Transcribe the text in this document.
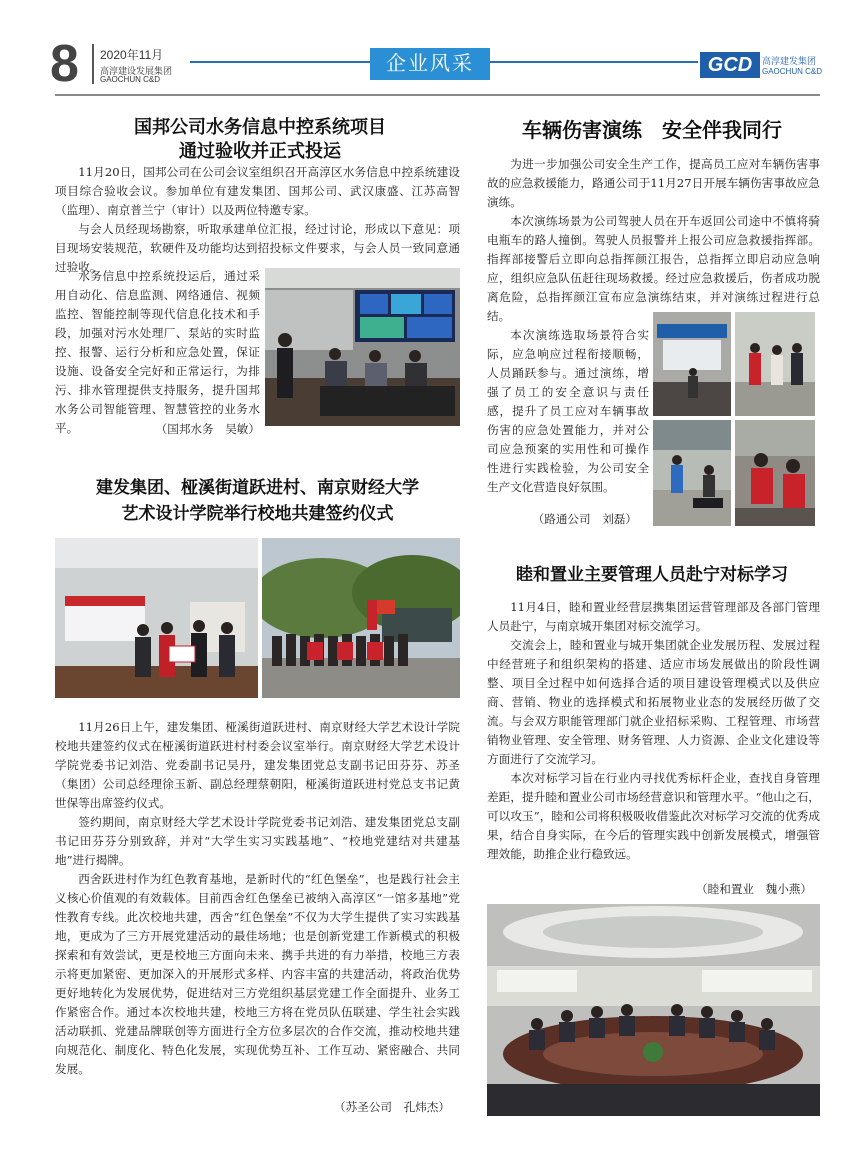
8	2020年11月
高淳建设发展集团
GAOCHUN C&D
企业风采	GCD	高淳建发集团
GAOCHUN C&D
国邦公司水务信息中控系统项目
通过验收并正式投运

11月20日，国邦公司在公司会议室组织召开高淳区水务信息中控系统建设项目综合验收会议。参加单位有建发集团、国邦公司、武汉康盛、江苏高智（监理）、南京普兰宁（审计）以及两位特邀专家。

与会人员经现场勘察，听取承建单位汇报，经过讨论，形成以下意见：项目现场安装规范，软硬件及功能均达到招投标文件要求，与会人员一致同意通过验收。

水务信息中控系统投运后，通过采用自动化、信息监测、网络通信、视频监控、智能控制等现代信息化技术和手段，加强对污水处理厂、泵站的实时监控、报警、运行分析和应急处置，保证设施、设备安全完好和正常运行，为排污、排水管理提供支持服务，提升国邦水务公司智能管理、智慧管控的业务水平。	（国邦水务　吴敏）

建发集团、桠溪街道跃进村、南京财经大学
艺术设计学院举行校地共建签约仪式

11月26日上午，建发集团、桠溪街道跃进村、南京财经大学艺术设计学院校地共建签约仪式在桠溪街道跃进村村委会议室举行。南京财经大学艺术设计学院党委书记刘浩、党委副书记吴丹，建发集团党总支副书记田芬芬、苏圣（集团）公司总经理徐玉新、副总经理蔡朝阳，桠溪街道跃进村党总支书记黄世保等出席签约仪式。

签约期间，南京财经大学艺术设计学院党委书记刘浩、建发集团党总支副书记田芬芬分别致辞，并对“大学生实习实践基地”、“校地党建结对共建基地”进行揭牌。

西舍跃进村作为红色教育基地，是新时代的“红色堡垒”，也是践行社会主义核心价值观的有效载体。目前西舍红色堡垒已被纳入高淳区“一馆多基地”党性教育专线。此次校地共建，西舍“红色堡垒”不仅为大学生提供了实习实践基地，更成为了三方开展党建活动的最佳场地；也是创新党建工作新模式的积极探索和有效尝试，更是校地三方面向未来、携手共进的有力举措，校地三方表示将更加紧密、更加深入的开展形式多样、内容丰富的共建活动，将政治优势更好地转化为发展优势，促进结对三方党组织基层党建工作全面提升、业务工作紧密合作。通过本次校地共建，校地三方将在党员队伍联建、学生社会实践活动联抓、党建品牌联创等方面进行全方位多层次的合作交流，推动校地共建向规范化、制度化、特色化发展，实现优势互补、工作互动、紧密融合、共同发展。

（苏圣公司　孔炜杰）

车辆伤害演练　安全伴我同行

为进一步加强公司安全生产工作，提高员工应对车辆伤害事故的应急救援能力，路通公司于11月27日开展车辆伤害事故应急演练。

本次演练场景为公司驾驶人员在开车返回公司途中不慎将骑电瓶车的路人撞倒。驾驶人员报警并上报公司应急救援指挥部。指挥部接警后立即向总指挥颜江报告，总指挥立即启动应急响应，组织应急队伍赶往现场救援。经过应急救援后，伤者成功脱离危险，总指挥颜江宣布应急演练结束，并对演练过程进行总结。

本次演练选取场景符合实际，应急响应过程衔接顺畅，人员踊跃参与。通过演练，增强了员工的安全意识与责任感，提升了员工应对车辆事故伤害的应急处置能力，并对公司应急预案的实用性和可操作性进行实践检验，为公司安全生产文化营造良好氛围。

（路通公司　刘磊）

睦和置业主要管理人员赴宁对标学习

11月4日，睦和置业经营层携集团运营管理部及各部门管理人员赴宁，与南京城开集团对标交流学习。

交流会上，睦和置业与城开集团就企业发展历程、发展过程中经营班子和组织架构的搭建、适应市场发展做出的阶段性调整、项目全过程中如何选择合适的项目建设管理模式以及供应商、营销、物业的选择模式和拓展物业业态的发展经历做了交流。与会双方职能管理部门就企业招标采购、工程管理、市场营销物业管理、安全管理、财务管理、人力资源、企业文化建设等方面进行了交流学习。

本次对标学习旨在行业内寻找优秀标杆企业，查找自身管理差距，提升睦和置业公司市场经营意识和管理水平。“他山之石，可以攻玉”，睦和公司将积极吸收借鉴此次对标学习交流的优秀成果，结合自身实际，在今后的管理实践中创新发展模式，增强管理效能，助推企业行稳致远。

（睦和置业　魏小燕）
